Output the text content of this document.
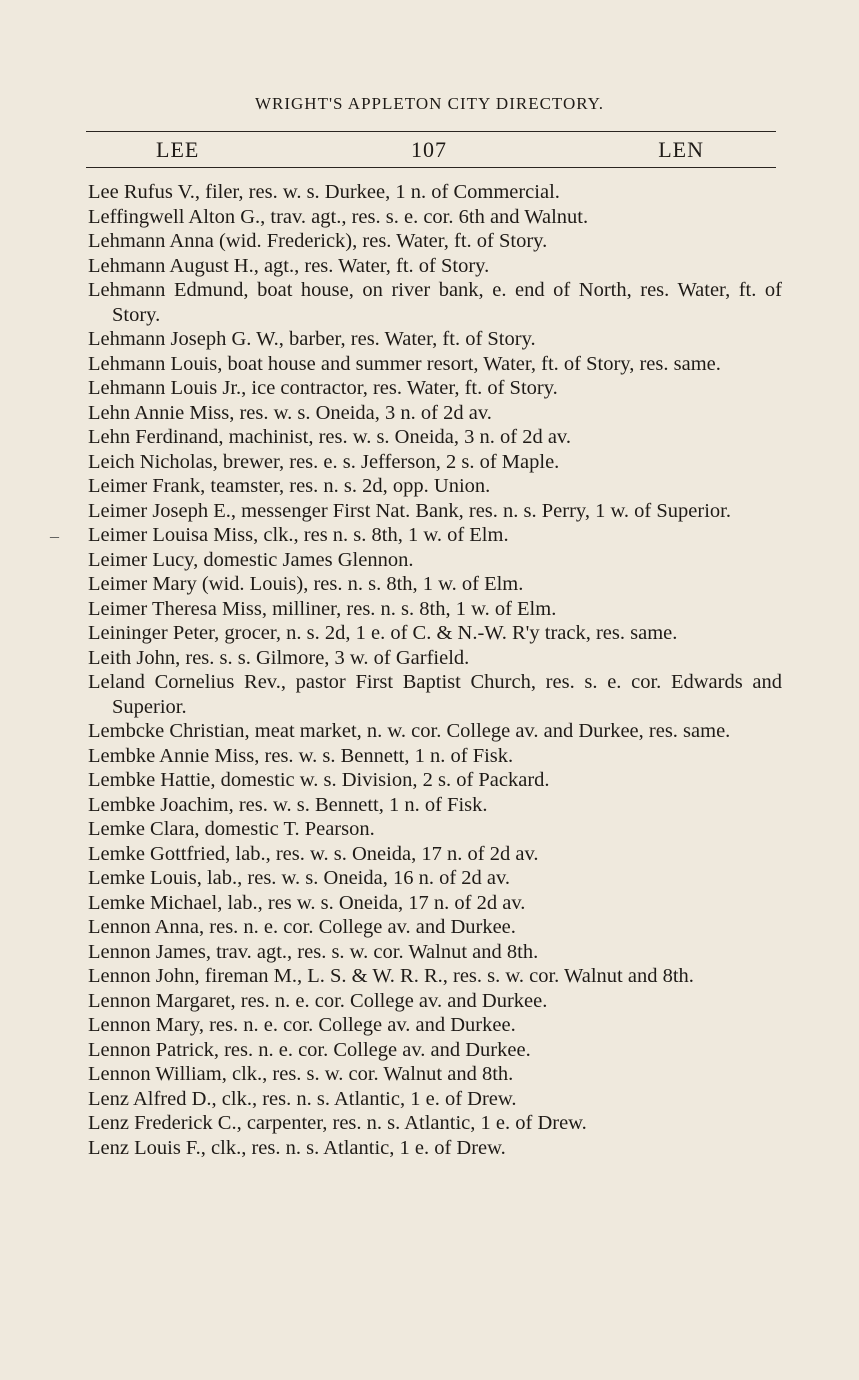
WRIGHT'S APPLETON CITY DIRECTORY.
LEE	107	LEN
–
Lee Rufus V., filer, res. w. s. Durkee, 1 n. of Commercial.
Leffingwell Alton G., trav. agt., res. s. e. cor. 6th and Walnut.
Lehmann Anna (wid. Frederick), res. Water, ft. of Story.
Lehmann August H., agt., res. Water, ft. of Story.
Lehmann Edmund, boat house, on river bank, e. end of North, res. Water, ft. of Story.
Lehmann Joseph G. W., barber, res. Water, ft. of Story.
Lehmann Louis, boat house and summer resort, Water, ft. of Story, res. same.
Lehmann Louis Jr., ice contractor, res. Water, ft. of Story.
Lehn Annie Miss, res. w. s. Oneida, 3 n. of 2d av.
Lehn Ferdinand, machinist, res. w. s. Oneida, 3 n. of 2d av.
Leich Nicholas, brewer, res. e. s. Jefferson, 2 s. of Maple.
Leimer Frank, teamster, res. n. s. 2d, opp. Union.
Leimer Joseph E., messenger First Nat. Bank, res. n. s. Perry, 1 w. of Superior.
Leimer Louisa Miss, clk., res n. s. 8th, 1 w. of Elm.
Leimer Lucy, domestic James Glennon.
Leimer Mary (wid. Louis), res. n. s. 8th, 1 w. of Elm.
Leimer Theresa Miss, milliner, res. n. s. 8th, 1 w. of Elm.
Leininger Peter, grocer, n. s. 2d, 1 e. of C. & N.-W. R'y track, res. same.
Leith John, res. s. s. Gilmore, 3 w. of Garfield.
Leland Cornelius Rev., pastor First Baptist Church, res. s. e. cor. Edwards and Superior.
Lembcke Christian, meat market, n. w. cor. College av. and Durkee, res. same.
Lembke Annie Miss, res. w. s. Bennett, 1 n. of Fisk.
Lembke Hattie, domestic w. s. Division, 2 s. of Packard.
Lembke Joachim, res. w. s. Bennett, 1 n. of Fisk.
Lemke Clara, domestic T. Pearson.
Lemke Gottfried, lab., res. w. s. Oneida, 17 n. of 2d av.
Lemke Louis, lab., res. w. s. Oneida, 16 n. of 2d av.
Lemke Michael, lab., res w. s. Oneida, 17 n. of 2d av.
Lennon Anna, res. n. e. cor. College av. and Durkee.
Lennon James, trav. agt., res. s. w. cor. Walnut and 8th.
Lennon John, fireman M., L. S. & W. R. R., res. s. w. cor. Walnut and 8th.
Lennon Margaret, res. n. e. cor. College av. and Durkee.
Lennon Mary, res. n. e. cor. College av. and Durkee.
Lennon Patrick, res. n. e. cor. College av. and Durkee.
Lennon William, clk., res. s. w. cor. Walnut and 8th.
Lenz Alfred D., clk., res. n. s. Atlantic, 1 e. of Drew.
Lenz Frederick C., carpenter, res. n. s. Atlantic, 1 e. of Drew.
Lenz Louis F., clk., res. n. s. Atlantic, 1 e. of Drew.
